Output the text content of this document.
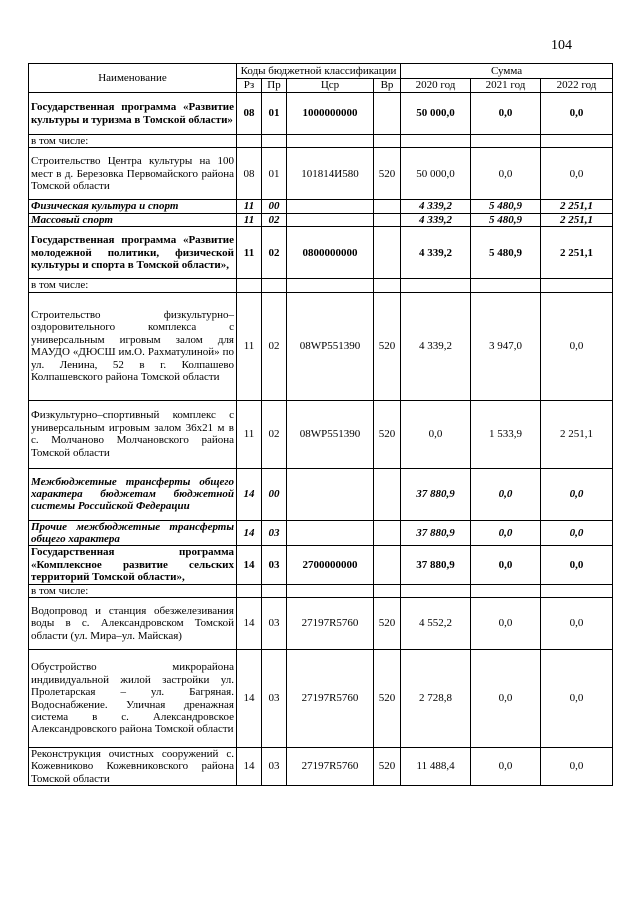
104
Наименование	Коды бюджетной классификации				Сумма		
	Рз	Пр	Цср	Вр	2020 год	2021 год	2022 год
Государственная программа «Развитие культуры и туризма в Томской области»	08	01	1000000000		50 000,0	0,0	0,0
в том числе:							
Строительство Центра культуры на 100 мест в д. Березовка Первомайского района Томской области	08	01	101814И580	520	50 000,0	0,0	0,0
Физическая культура и спорт	11	00			4 339,2	5 480,9	2 251,1
Массовый спорт	11	02			4 339,2	5 480,9	2 251,1
Государственная программа «Развитие молодежной политики, физической культуры и спорта в Томской области»,	11	02	0800000000		4 339,2	5 480,9	2 251,1
в том числе:							
Строительство физкультурно–оздоровительного комплекса с универсальным игровым залом для МАУДО «ДЮСШ им.О. Рахматулиной» по ул. Ленина, 52 в г. Колпашево Колпашевского района Томской области	11	02	08WP551390	520	4 339,2	3 947,0	0,0
Физкультурно–спортивный комплекс с универсальным игровым залом 36х21 м в с. Молчаново Молчановского района Томской области	11	02	08WP551390	520	0,0	1 533,9	2 251,1
Межбюджетные трансферты общего характера бюджетам бюджетной системы Российской Федерации	14	00			37 880,9	0,0	0,0
Прочие межбюджетные трансферты общего характера	14	03			37 880,9	0,0	0,0
Государственная программа «Комплексное развитие сельских территорий Томской области»,	14	03	2700000000		37 880,9	0,0	0,0
в том числе:							
Водопровод и станция обезжелезивания воды в с. Александровском Томской области (ул. Мира–ул. Майская)	14	03	27197R5760	520	4 552,2	0,0	0,0
Обустройство микрорайона индивидуальной жилой застройки ул. Пролетарская – ул. Багряная. Водоснабжение. Уличная дренажная система в с. Александровское Александровского района Томской области	14	03	27197R5760	520	2 728,8	0,0	0,0
Реконструкция очистных сооружений с. Кожевниково Кожевниковского района Томской области	14	03	27197R5760	520	11 488,4	0,0	0,0
